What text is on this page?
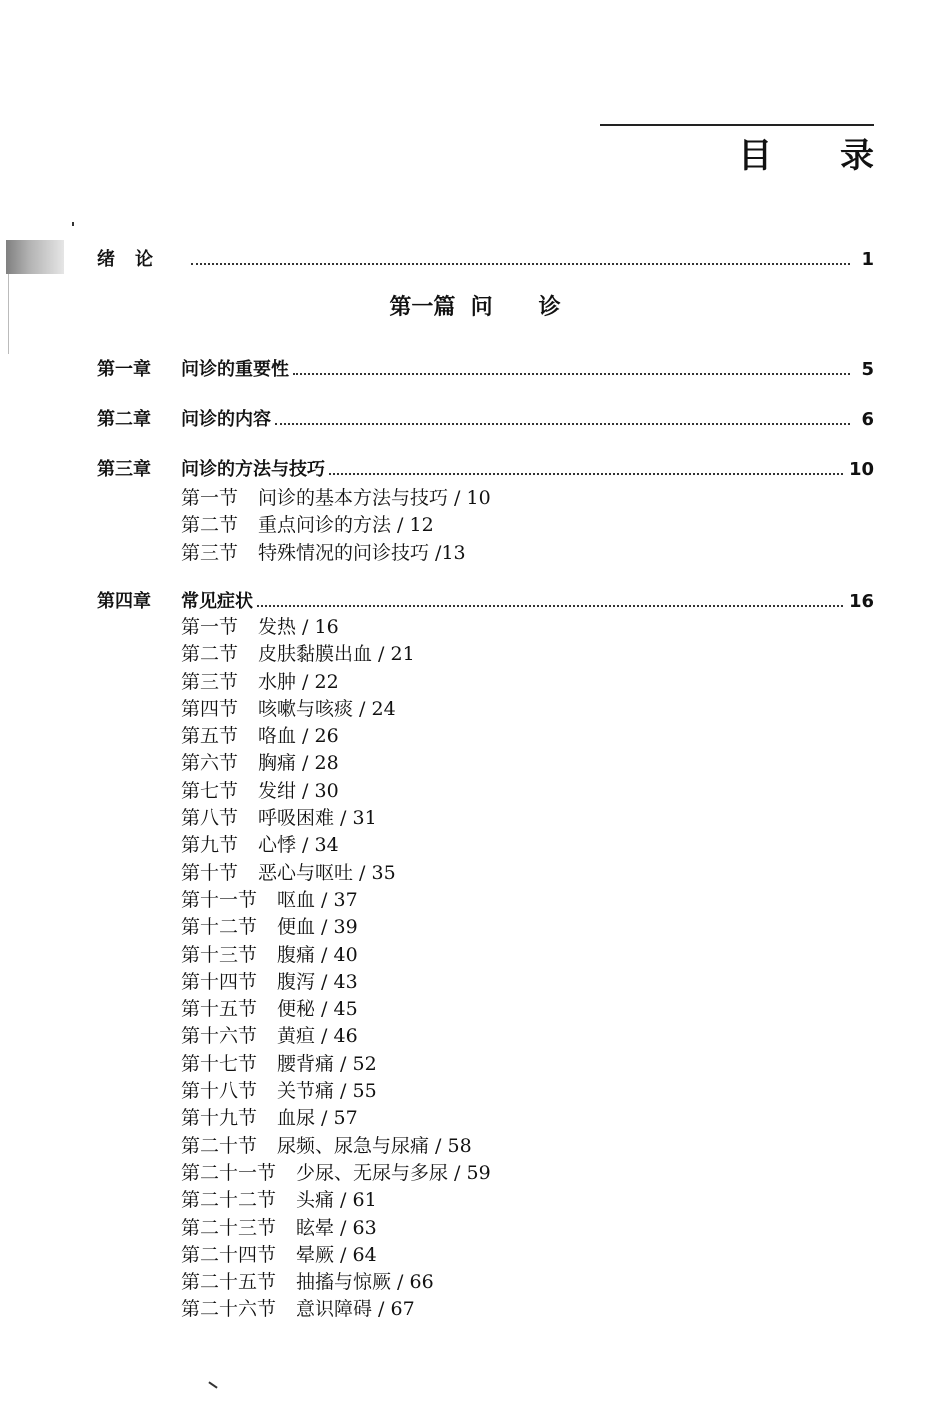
目 录
绪论	1
第一篇 问 诊
第一章	问诊的重要性	5
第二章	问诊的内容	6
第三章	问诊的方法与技巧	10
第一节 问诊的基本方法与技巧 / 10
第二节 重点问诊的方法 / 12
第三节 特殊情况的问诊技巧 /13
第四章	常见症状	16
第一节 发热 / 16
第二节 皮肤黏膜出血 / 21
第三节 水肿 / 22
第四节 咳嗽与咳痰 / 24
第五节 咯血 / 26
第六节 胸痛 / 28
第七节 发绀 / 30
第八节 呼吸困难 / 31
第九节 心悸 / 34
第十节 恶心与呕吐 / 35
第十一节 呕血 / 37
第十二节 便血 / 39
第十三节 腹痛 / 40
第十四节 腹泻 / 43
第十五节 便秘 / 45
第十六节 黄疸 / 46
第十七节 腰背痛 / 52
第十八节 关节痛 / 55
第十九节 血尿 / 57
第二十节 尿频、尿急与尿痛 / 58
第二十一节 少尿、无尿与多尿 / 59
第二十二节 头痛 / 61
第二十三节 眩晕 / 63
第二十四节 晕厥 / 64
第二十五节 抽搐与惊厥 / 66
第二十六节 意识障碍 / 67
